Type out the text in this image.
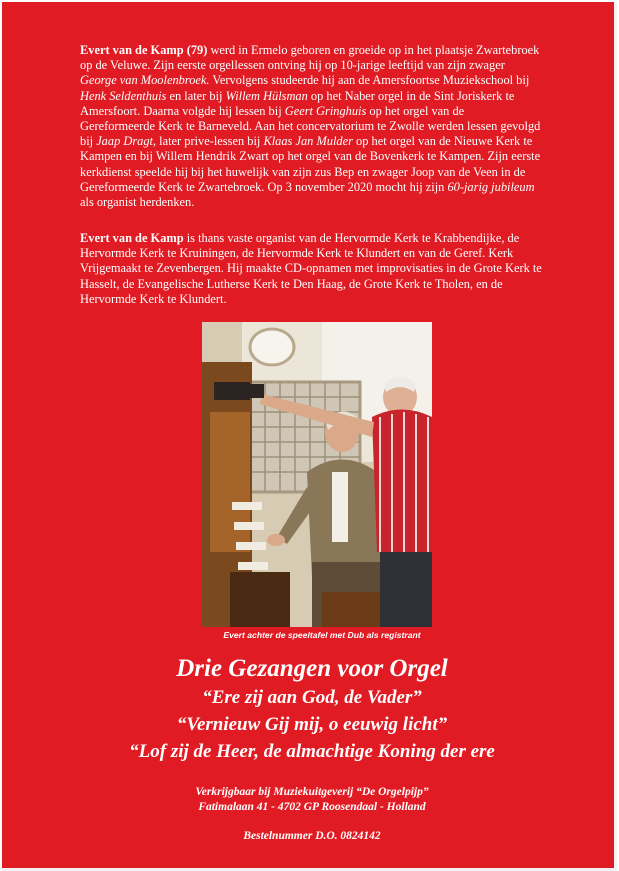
Evert van de Kamp (79) werd in Ermelo geboren en groeide op in het plaatsje Zwartebroek op de Veluwe. Zijn eerste orgellessen ontving hij op 10-jarige leeftijd van zijn zwager George van Moolenbroek. Vervolgens studeerde hij aan de Amersfoortse Muziekschool bij Henk Seldenthuis en later bij Willem Hülsman op het Naber orgel in de Sint Joriskerk te Amersfoort. Daarna volgde hij lessen bij Geert Gringhuis op het orgel van de Gereformeerde Kerk te Barneveld. Aan het concervatorium te Zwolle werden lessen gevolgd bij Jaap Dragt, later prive-lessen bij Klaas Jan Mulder op het orgel van de Nieuwe Kerk te Kampen en bij Willem Hendrik Zwart op het orgel van de Bovenkerk te Kampen. Zijn eerste kerkdienst speelde hij bij het huwelijk van zijn zus Bep en zwager Joop van de Veen in de Gereformeerde Kerk te Zwartebroek. Op 3 november 2020 mocht hij zijn 60-jarig jubileum als organist herdenken.

Evert van de Kamp is thans vaste organist van de Hervormde Kerk te Krabbendijke, de Hervormde Kerk te Kruiningen, de Hervormde Kerk te Klundert en van de Geref. Kerk Vrijgemaakt te Zevenbergen. Hij maakte CD-opnamen met improvisaties in de Grote Kerk te Hasselt, de Evangelische Lutherse Kerk te Den Haag, de Grote Kerk te Tholen, en de Hervormde Kerk te Klundert.

Evert achter de speeltafel met Dub als registrant
Drie Gezangen voor Orgel
“Ere zij aan God, de Vader”
“Vernieuw Gij mij, o eeuwig licht”
“Lof zij de Heer, de almachtige Koning der ere
Verkrijgbaar bij Muziekuitgeverij “De Orgelpijp”
Fatimalaan 41 - 4702 GP Roosendaal - Holland
Bestelnummer D.O. 0824142
